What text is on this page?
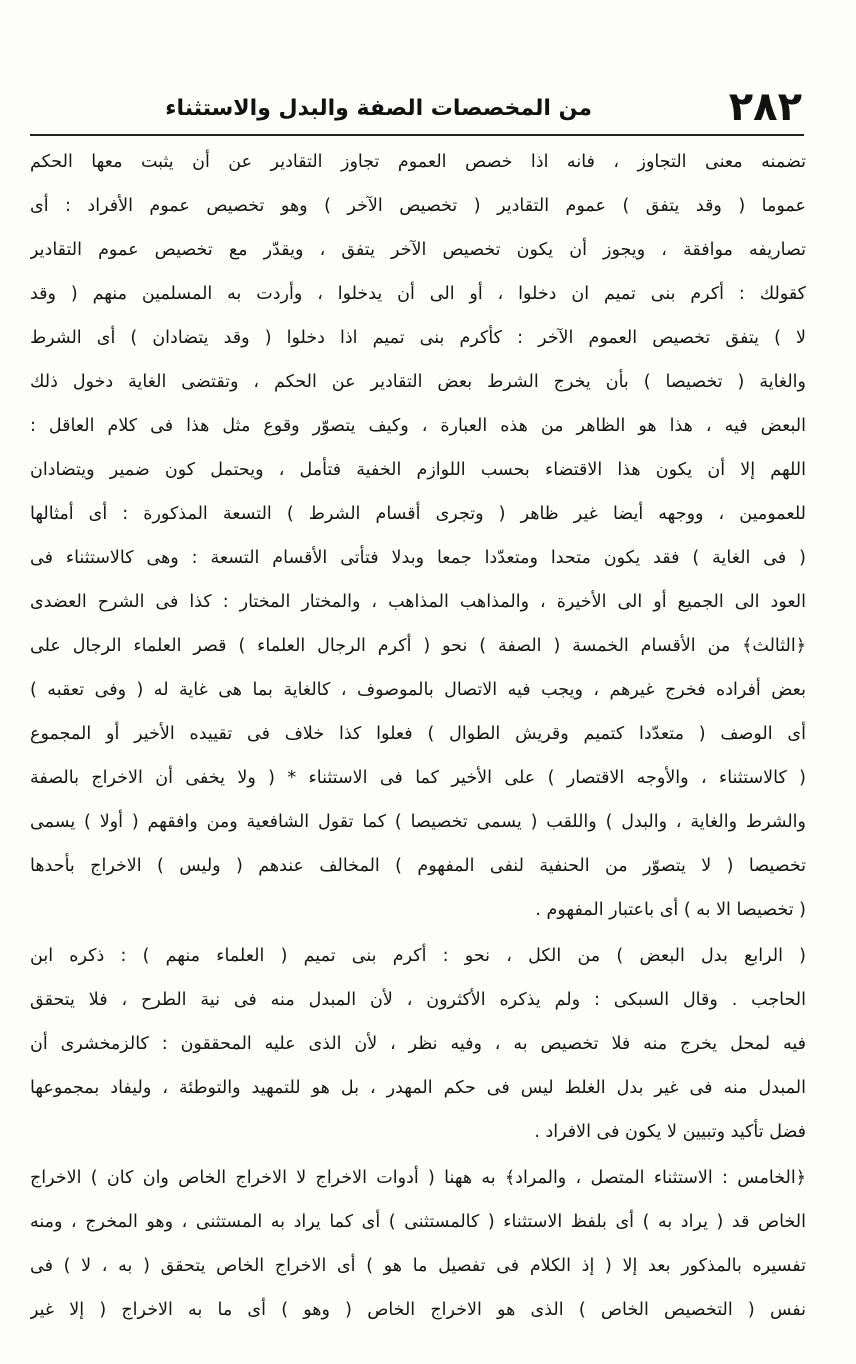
٢٨٢
من المخصصات الصفة والبدل والاستثناء
تضمنه معنى التجاوز ، فانه اذا خصص العموم تجاوز التقادير عن أن يثبت معها الحكم
عموما ( وقد يتفق ) عموم التقادير ( تخصيص الآخر ) وهو تخصيص عموم الأفراد : أى
تصاريفه موافقة ، ويجوز أن يكون تخصيص الآخر يتفق ، ويقدّر مع تخصيص عموم التقادير
كقولك : أكرم بنى تميم ان دخلوا ، أو الى أن يدخلوا ، وأردت به المسلمين منهم ( وقد
لا ) يتفق تخصيص العموم الآخر : كأكرم بنى تميم اذا دخلوا ( وقد يتضادان ) أى الشرط
والغاية ( تخصيصا ) بأن يخرج الشرط بعض التقادير عن الحكم ، وتقتضى الغاية دخول ذلك
البعض فيه ، هذا هو الظاهر من هذه العبارة ، وكيف يتصوّر وقوع مثل هذا فى كلام العاقل :
اللهم إلا أن يكون هذا الاقتضاء بحسب اللوازم الخفية فتأمل ، ويحتمل كون ضمير ويتضادان
للعمومين ، ووجهه أيضا غير ظاهر ( وتجرى أقسام الشرط ) التسعة المذكورة : أى أمثالها
( فى الغاية ) فقد يكون متحدا ومتعدّدا جمعا وبدلا فتأتى الأقسام التسعة : وهى كالاستثناء فى
العود الى الجميع أو الى الأخيرة ، والمذاهب المذاهب ، والمختار المختار : كذا فى الشرح العضدى
﴿الثالث﴾ من الأقسام الخمسة ( الصفة ) نحو ( أكرم الرجال العلماء ) قصر العلماء الرجال على
بعض أفراده فخرج غيرهم ، ويجب فيه الاتصال بالموصوف ، كالغاية بما هى غاية له ( وفى تعقبه )
أى الوصف ( متعدّدا كتميم وقريش الطوال ) فعلوا كذا خلاف فى تقييده الأخير أو المجموع
( كالاستثناء ، والأوجه الاقتصار ) على الأخير كما فى الاستثناء * ( ولا يخفى أن الاخراج بالصفة
والشرط والغاية ، والبدل ) واللقب ( يسمى تخصيصا ) كما تقول الشافعية ومن وافقهم ( أولا ) يسمى
تخصيصا ( لا يتصوّر من الحنفية لنفى المفهوم ) المخالف عندهم ( وليس ) الاخراج بأحدها
( تخصيصا الا به ) أى باعتبار المفهوم .
( الرابع بدل البعض ) من الكل ، نحو : أكرم بنى تميم ( العلماء منهم ) : ذكره ابن
الحاجب . وقال السبكى : ولم يذكره الأكثرون ، لأن المبدل منه فى نية الطرح ، فلا يتحقق
فيه لمحل يخرج منه فلا تخصيص به ، وفيه نظر ، لأن الذى عليه المحققون : كالزمخشرى أن
المبدل منه فى غير بدل الغلط ليس فى حكم المهدر ، بل هو للتمهيد والتوطئة ، وليفاد بمجموعها
فضل تأكيد وتبيين لا يكون فى الافراد .
﴿الخامس : الاستثناء المتصل ، والمراد﴾ به ههنا ( أدوات الاخراج لا الاخراج الخاص وان كان ) الاخراج
الخاص قد ( يراد به ) أى بلفظ الاستثناء ( كالمستثنى ) أى كما يراد به المستثنى ، وهو المخرج ، ومنه
تفسيره بالمذكور بعد إلا ( إذ الكلام فى تفصيل ما هو ) أى الاخراج الخاص يتحقق ( به ، لا ) فى
نفس ( التخصيص الخاص ) الذى هو الاخراج الخاص ( وهو ) أى ما به الاخراج ( إلا غير
